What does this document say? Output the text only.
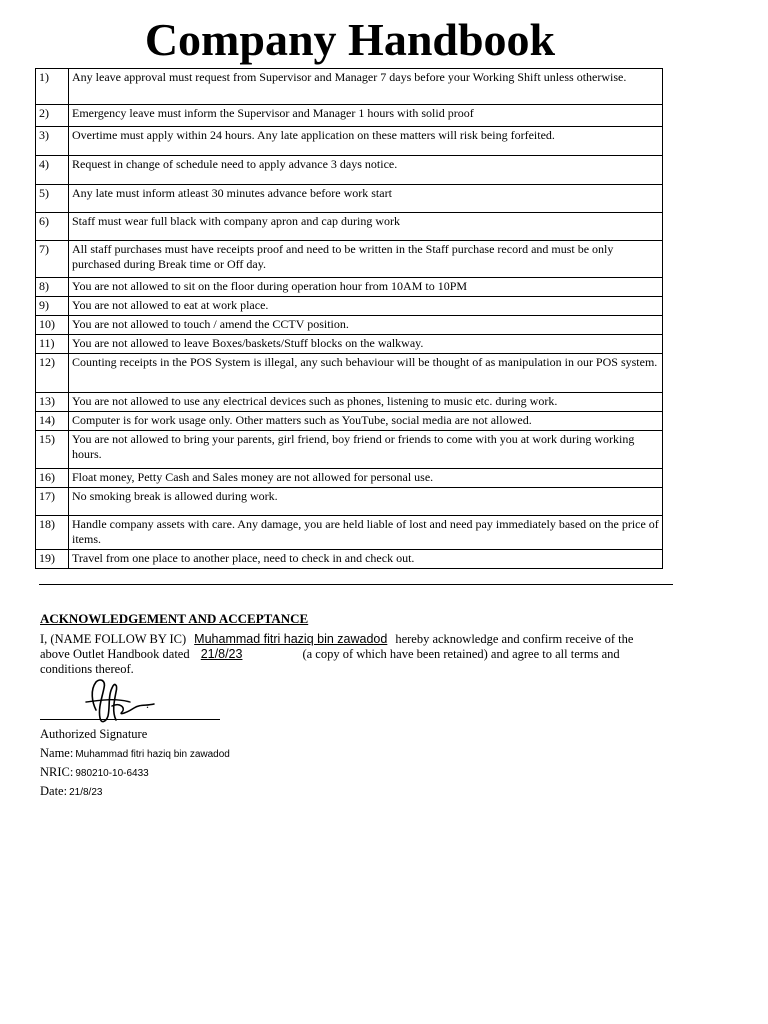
Company Handbook
1)	Any leave approval must request from Supervisor and Manager 7 days before your Working Shift unless otherwise.
2)	Emergency leave must inform the Supervisor and Manager 1 hours with solid proof
3)	Overtime must apply within 24 hours. Any late application on these matters will risk being forfeited.
4)	Request in change of schedule need to apply advance 3 days notice.
5)	Any late must inform atleast 30 minutes advance before work start
6)	Staff must wear full black with company apron and cap during work
7)	All staff purchases must have receipts proof and need to be written in the Staff purchase record and must be only purchased during Break time or Off day.
8)	You are not allowed to sit on the floor during operation hour from 10AM to 10PM
9)	You are not allowed to eat at work place.
10)	You are not allowed to touch / amend the CCTV position.
11)	You are not allowed to leave Boxes/baskets/Stuff blocks on the walkway.
12)	Counting receipts in the POS System is illegal, any such behaviour will be thought of as manipulation in our POS system.
13)	You are not allowed to use any electrical devices such as phones, listening to music etc. during work.
14)	Computer is for work usage only. Other matters such as YouTube, social media are not allowed.
15)	You are not allowed to bring your parents, girl friend, boy friend or friends to come with you at work during working hours.
16)	Float money, Petty Cash and Sales money are not allowed for personal use.
17)	No smoking break is allowed during work.
18)	Handle company assets with care. Any damage, you are held liable of lost and need pay immediately based on the price of items.
19)	Travel from one place to another place, need to check in and check out.

ACKNOWLEDGEMENT AND ACCEPTANCE

I, (NAME FOLLOW BY IC) Muhammad fitri haziq bin zawadod hereby acknowledge and confirm receive of the above Outlet Handbook dated 21/8/23	(a copy of which have been retained) and agree to all terms and conditions thereof.

.
Authorized Signature
Name: Muhammad fitri haziq bin zawadod
NRIC: 980210-10-6433
Date: 21/8/23
